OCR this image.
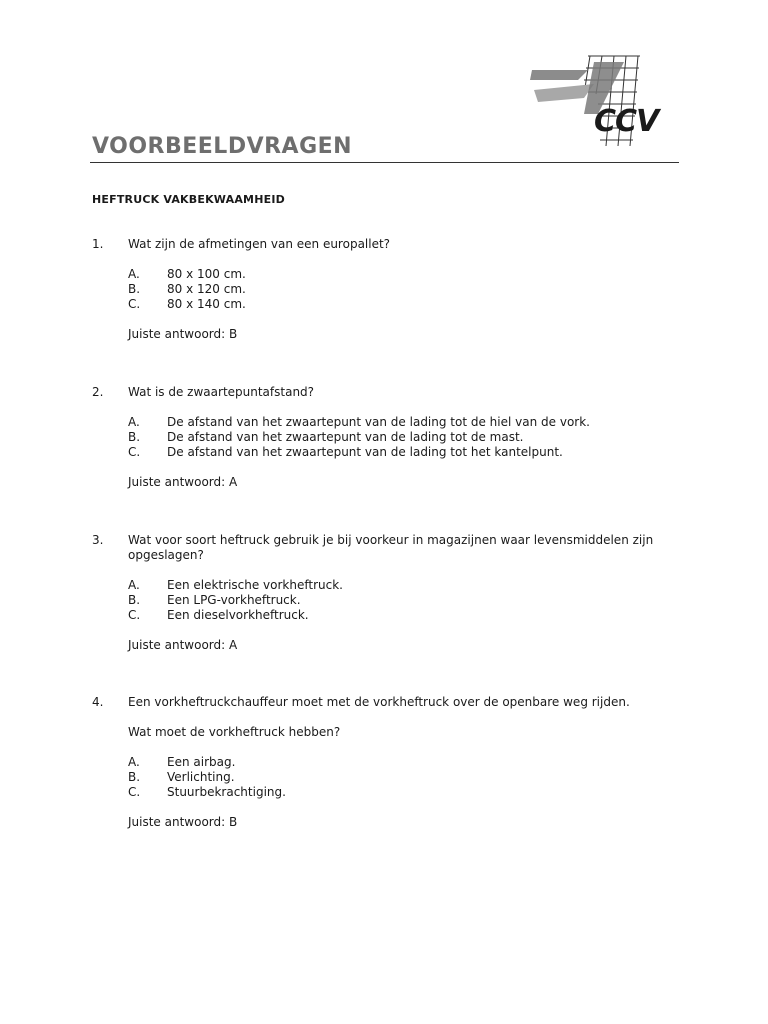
CCV
VOORBEELDVRAGEN
HEFTRUCK VAKBEKWAAMHEID
1.	Wat zijn de afmetingen van een europallet?
A.	80 x 100 cm.
B.	80 x 120 cm.
C.	80 x 140 cm.
Juiste antwoord: B
2.	Wat is de zwaartepuntafstand?
A.	De afstand van het zwaartepunt van de lading tot de hiel van de vork.
B.	De afstand van het zwaartepunt van de lading tot de mast.
C.	De afstand van het zwaartepunt van de lading tot het kantelpunt.
Juiste antwoord: A
3.	Wat voor soort heftruck gebruik je bij voorkeur in magazijnen waar levensmiddelen zijn opgeslagen?
A.	Een elektrische vorkheftruck.
B.	Een LPG-vorkheftruck.
C.	Een dieselvorkheftruck.
Juiste antwoord: A
4.	Een vorkheftruckchauffeur moet met de vorkheftruck over de openbare weg rijden.
Wat moet de vorkheftruck hebben?
A.	Een airbag.
B.	Verlichting.
C.	Stuurbekrachtiging.
Juiste antwoord: B
